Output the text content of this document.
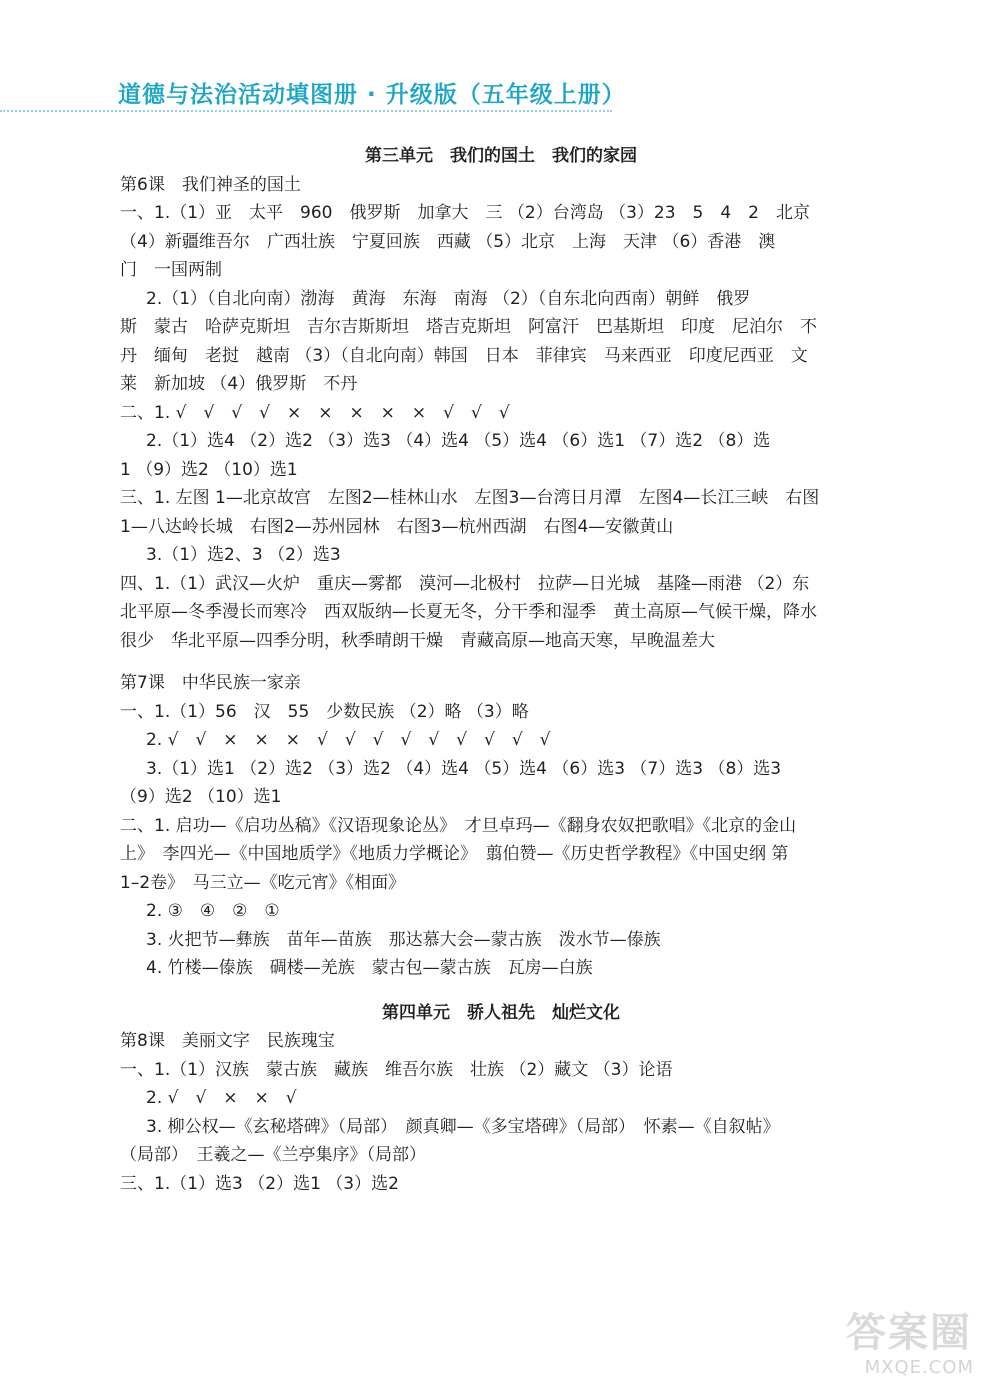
道德与法治活动填图册 · 升级版（五年级上册）
第三单元　我们的国土　我们的家园
第6课　我们神圣的国土
一、1.（1）亚　太平　960　俄罗斯　加拿大　三 （2）台湾岛 （3）23　5　4　2　北京
（4）新疆维吾尔　广西壮族　宁夏回族　西藏 （5）北京　上海　天津 （6）香港　澳
门　一国两制
2.（1）（自北向南）渤海　黄海　东海　南海 （2）（自东北向西南）朝鲜　俄罗
斯　蒙古　哈萨克斯坦　吉尔吉斯斯坦　塔吉克斯坦　阿富汗　巴基斯坦　印度　尼泊尔　不
丹　缅甸　老挝　越南 （3）（自北向南）韩国　日本　菲律宾　马来西亚　印度尼西亚　文
莱　新加坡 （4）俄罗斯　不丹
二、1. √　√　√　√　×　×　×　×　×　√　√　√
2.（1）选4 （2）选2 （3）选3 （4）选4 （5）选4 （6）选1 （7）选2 （8）选
1 （9）选2 （10）选1
三、1. 左图 1—北京故宫　左图2—桂林山水　左图3—台湾日月潭　左图4—长江三峡　右图
1—八达岭长城　右图2—苏州园林　右图3—杭州西湖　右图4—安徽黄山
3.（1）选2、3 （2）选3
四、1.（1）武汉—火炉　重庆—雾都　漠河—北极村　拉萨—日光城　基隆—雨港 （2）东
北平原—冬季漫长而寒冷　西双版纳—长夏无冬，分干季和湿季　黄土高原—气候干燥，降水
很少　华北平原—四季分明，秋季晴朗干燥　青藏高原—地高天寒，早晚温差大
第7课　中华民族一家亲
一、1.（1）56　汉　55　少数民族 （2）略 （3）略
2. √　√　×　×　×　√　√　√　√　√　√　√　√　√
3.（1）选1 （2）选2 （3）选2 （4）选4 （5）选4 （6）选3 （7）选3 （8）选3
（9）选2 （10）选1
二、1. 启功—《启功丛稿》《汉语现象论丛》　才旦卓玛—《翻身农奴把歌唱》《北京的金山
上》　李四光—《中国地质学》《地质力学概论》　翦伯赞—《历史哲学教程》《中国史纲 第
1–2卷》　马三立—《吃元宵》《相面》
2. ③　④　②　①
3. 火把节—彝族　苗年—苗族　那达慕大会—蒙古族　泼水节—傣族
4. 竹楼—傣族　碉楼—羌族　蒙古包—蒙古族　瓦房—白族
第四单元　骄人祖先　灿烂文化
第8课　美丽文字　民族瑰宝
一、1.（1）汉族　蒙古族　藏族　维吾尔族　壮族 （2）藏文 （3）论语
2. √　√　×　×　√
3. 柳公权—《玄秘塔碑》（局部）　颜真卿—《多宝塔碑》（局部）　怀素—《自叙帖》
（局部）　王羲之—《兰亭集序》（局部）
三、1.（1）选3 （2）选1 （3）选2
答案圈
MXQE.COM
